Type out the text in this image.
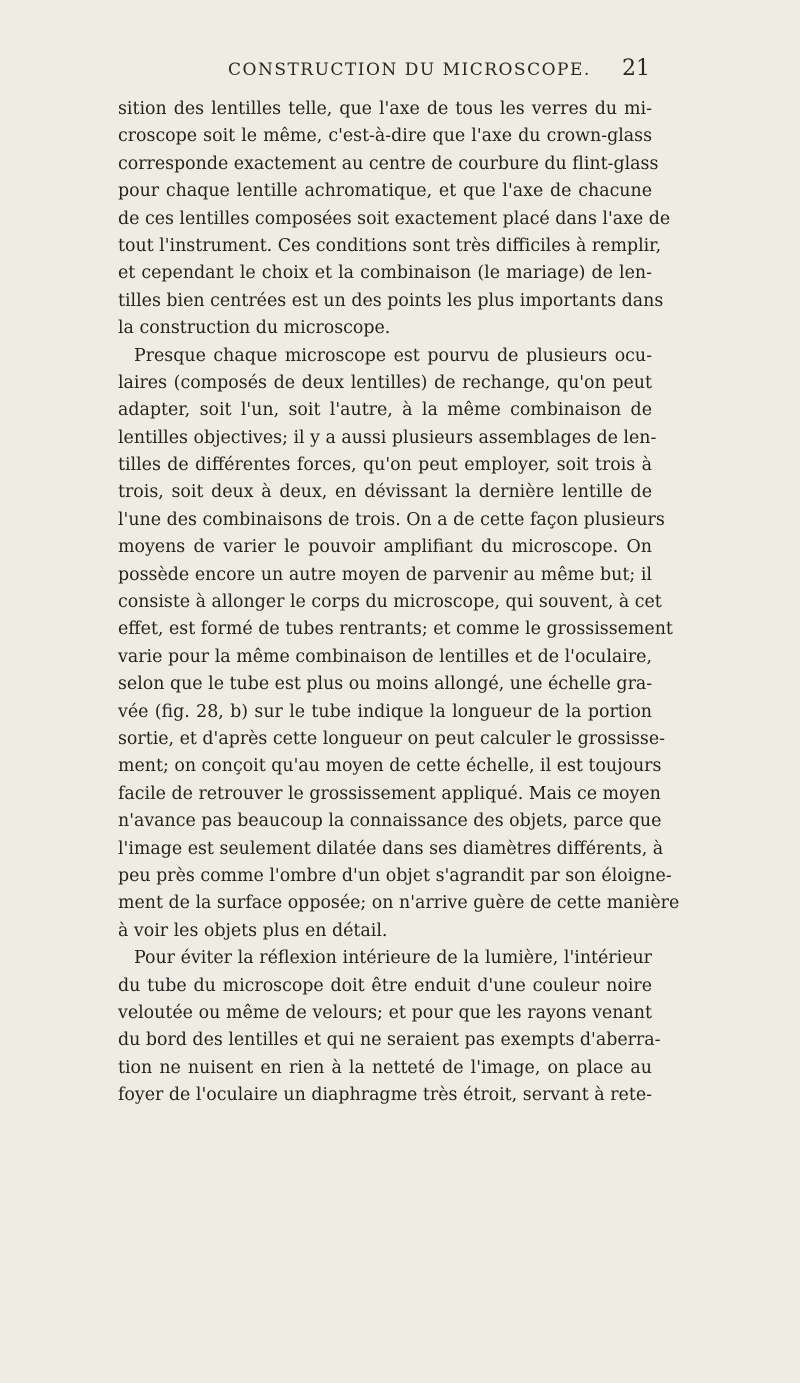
CONSTRUCTION DU MICROSCOPE. 21
sition des lentilles telle, que l'axe de tous les verres du mi-
croscope soit le même, c'est-à-dire que l'axe du crown-glass
corresponde exactement au centre de courbure du flint-glass
pour chaque lentille achromatique, et que l'axe de chacune
de ces lentilles composées soit exactement placé dans l'axe de
tout l'instrument. Ces conditions sont très difficiles à remplir,
et cependant le choix et la combinaison (le mariage) de len-
tilles bien centrées est un des points les plus importants dans
la construction du microscope.
Presque chaque microscope est pourvu de plusieurs ocu-
laires (composés de deux lentilles) de rechange, qu'on peut
adapter, soit l'un, soit l'autre, à la même combinaison de
lentilles objectives; il y a aussi plusieurs assemblages de len-
tilles de différentes forces, qu'on peut employer, soit trois à
trois, soit deux à deux, en dévissant la dernière lentille de
l'une des combinaisons de trois. On a de cette façon plusieurs
moyens de varier le pouvoir amplifiant du microscope. On
possède encore un autre moyen de parvenir au même but; il
consiste à allonger le corps du microscope, qui souvent, à cet
effet, est formé de tubes rentrants; et comme le grossissement
varie pour la même combinaison de lentilles et de l'oculaire,
selon que le tube est plus ou moins allongé, une échelle gra-
vée (fig. 28, b) sur le tube indique la longueur de la portion
sortie, et d'après cette longueur on peut calculer le grossisse-
ment; on conçoit qu'au moyen de cette échelle, il est toujours
facile de retrouver le grossissement appliqué. Mais ce moyen
n'avance pas beaucoup la connaissance des objets, parce que
l'image est seulement dilatée dans ses diamètres différents, à
peu près comme l'ombre d'un objet s'agrandit par son éloigne-
ment de la surface opposée; on n'arrive guère de cette manière
à voir les objets plus en détail.
Pour éviter la réflexion intérieure de la lumière, l'intérieur
du tube du microscope doit être enduit d'une couleur noire
veloutée ou même de velours; et pour que les rayons venant
du bord des lentilles et qui ne seraient pas exempts d'aberra-
tion ne nuisent en rien à la netteté de l'image, on place au
foyer de l'oculaire un diaphragme très étroit, servant à rete-
